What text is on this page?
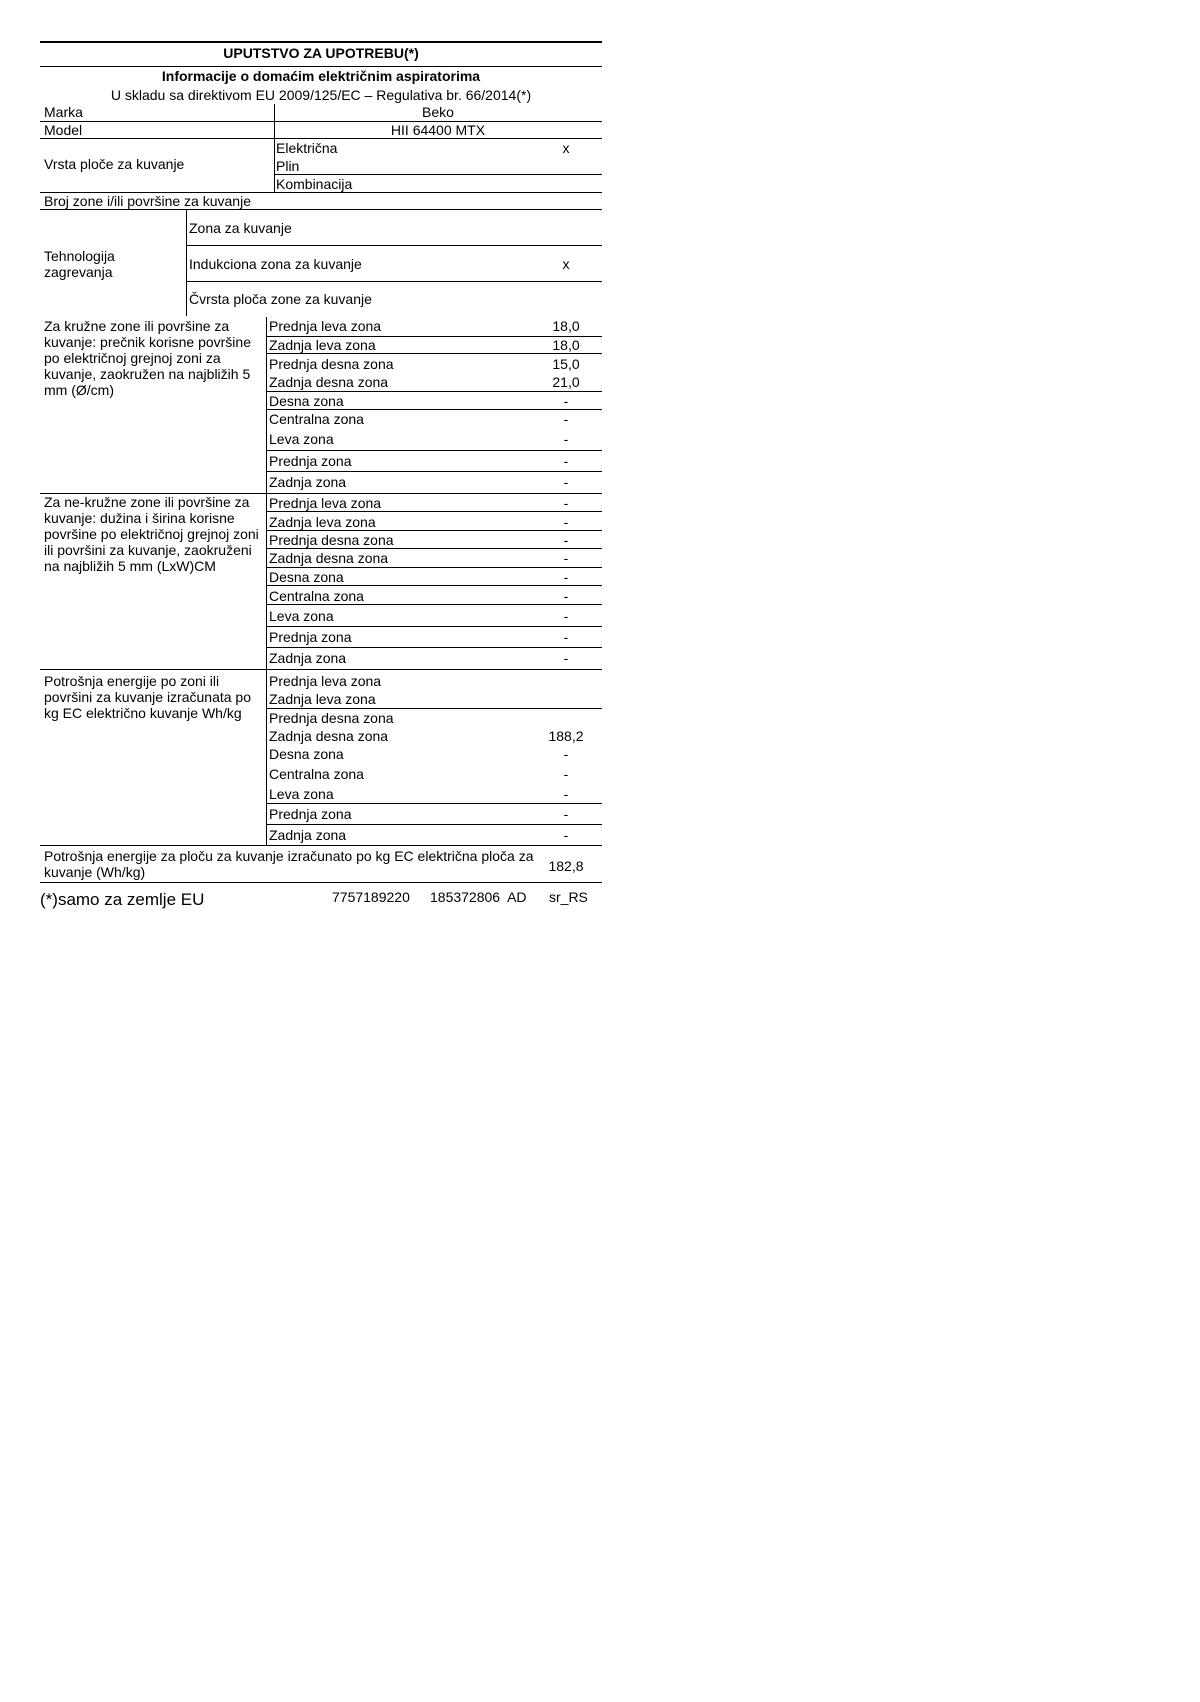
UPUTSTVO ZA UPOTREBU(*)
Informacije o domaćim električnim aspiratorima
U skladu sa direktivom EU 2009/125/EC – Regulativa br. 66/2014(*)
Marka	Beko
Model	HII 64400 MTX
Vrsta ploče za kuvanje
Električna	x
Plin
Kombinacija
Broj zone i/ili površine za kuvanje
Tehnologija zagrevanja
Zona za kuvanje
Indukciona zona za kuvanje	x
Čvrsta ploča zone za kuvanje
Za kružne zone ili površine za kuvanje: prečnik korisne površine po električnoj grejnoj zoni za kuvanje, zaokružen na najbližih 5 mm (Ø/cm)
Prednja leva zona	18,0
Zadnja leva zona	18,0
Prednja desna zona	15,0
Zadnja desna zona	21,0
Desna zona	-
Centralna zona	-
Leva zona	-
Prednja zona	-
Zadnja zona	-
Za ne-kružne zone ili površine za kuvanje: dužina i širina korisne površine po električnoj grejnoj zoni ili površini za kuvanje, zaokruženi na najbližih 5 mm (LxW)CM
Prednja leva zona	-
Zadnja leva zona	-
Prednja desna zona	-
Zadnja desna zona	-
Desna zona	-
Centralna zona	-
Leva zona	-
Prednja zona	-
Zadnja zona	-
Potrošnja energije po zoni ili površini za kuvanje izračunata po kg EC električno kuvanje Wh/kg
Prednja leva zona
Zadnja leva zona
Prednja desna zona
Zadnja desna zona	188,2
Desna zona	-
Centralna zona	-
Leva zona	-
Prednja zona	-
Zadnja zona	-
Potrošnja energije za ploču za kuvanje izračunato po kg EC električna ploča za kuvanje (Wh/kg)	182,8
(*)samo za zemlje EU	7757189220 185372806  AD sr_RS
